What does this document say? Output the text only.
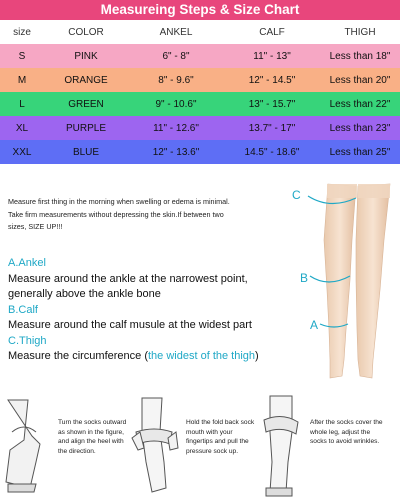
Measureing Steps & Size Chart
size	COLOR	ANKEL	CALF	THIGH
S	PINK	6" - 8"	11" - 13"	Less than 18"
M	ORANGE	8" - 9.6"	12" - 14.5"	Less than 20"
L	GREEN	9" - 10.6"	13" - 15.7"	Less than 22"
XL	PURPLE	11" - 12.6"	13.7" - 17"	Less than 23"
XXL	BLUE	12" - 13.6"	14.5" - 18.6"	Less than 25"
Measure first thing in the morning when swelling or edema is minimal.
Take firm measurements without depressing the skin.If between two
sizes, SIZE UP!!!
A.Ankel
Measure around the ankle at the narrowest point,
generally above the ankle bone
B.Calf
Measure around the calf musule at the widest part
C.Thigh
Measure the circumference (the widest of the thigh)
C
B
A
Turn the socks outward
as shown in the figure,
and align the heel with
the direction.
Hold the fold back sock
mouth with your
fingertips and pull the
pressure sock up.
After the socks cover the
whole leg, adjust the
socks to avoid wrinkles.
